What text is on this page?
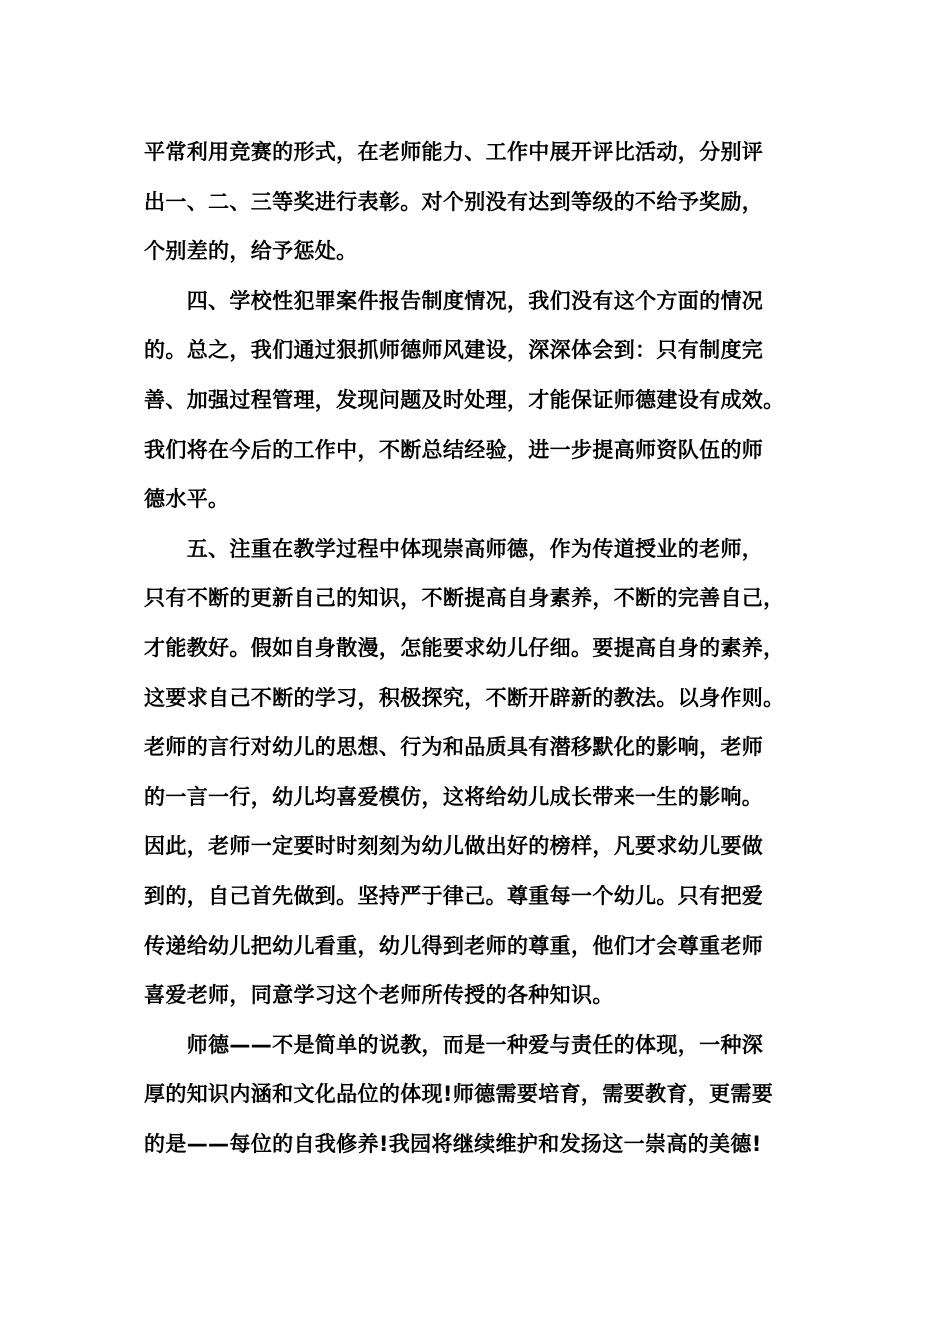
平常利用竞赛的形式，在老师能力、工作中展开评比活动，分别评
出一、二、三等奖进行表彰。对个别没有达到等级的不给予奖励，
个别差的，给予惩处。
　　四、学校性犯罪案件报告制度情况，我们没有这个方面的情况
的。总之，我们通过狠抓师德师风建设，深深体会到：只有制度完
善、加强过程管理，发现问题及时处理，才能保证师德建设有成效。
我们将在今后的工作中，不断总结经验，进一步提高师资队伍的师
德水平。
　　五、注重在教学过程中体现崇高师德，作为传道授业的老师，
只有不断的更新自己的知识，不断提高自身素养，不断的完善自己，
才能教好。假如自身散漫，怎能要求幼儿仔细。要提高自身的素养，
这要求自己不断的学习，积极探究，不断开辟新的教法。以身作则。
老师的言行对幼儿的思想、行为和品质具有潜移默化的影响，老师
的一言一行，幼儿均喜爱模仿，这将给幼儿成长带来一生的影响。
因此，老师一定要时时刻刻为幼儿做出好的榜样，凡要求幼儿要做
到的，自己首先做到。坚持严于律己。尊重每一个幼儿。只有把爱
传递给幼儿把幼儿看重，幼儿得到老师的尊重，他们才会尊重老师
喜爱老师，同意学习这个老师所传授的各种知识。
　　师德——不是简单的说教，而是一种爱与责任的体现，一种深
厚的知识内涵和文化品位的体现!师德需要培育，需要教育，更需要
的是——每位的自我修养!我园将继续维护和发扬这一崇高的美德!
